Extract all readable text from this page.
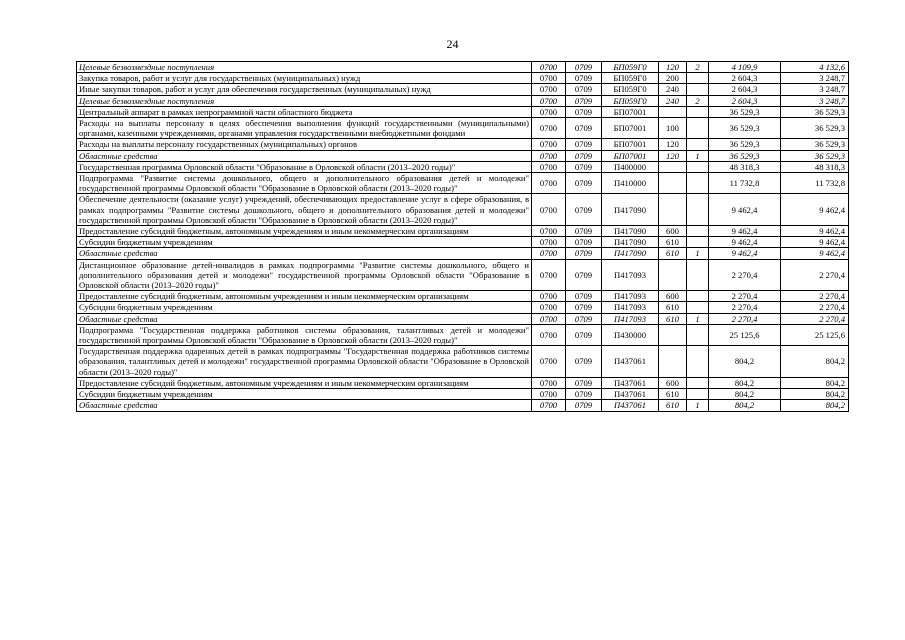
24
Целевые безвозмездные поступления	0700	0709	БП059Г0	120	2	4 109,9	4 132,6
Закупка товаров, работ и услуг для государственных (муниципальных) нужд	0700	0709	БП059Г0	200		2 604,3	3 248,7
Иные закупки товаров, работ и услуг для обеспечения государственных (муниципальных) нужд	0700	0709	БП059Г0	240		2 604,3	3 248,7
Целевые безвозмездные поступления	0700	0709	БП059Г0	240	2	2 604,3	3 248,7
Центральный аппарат в рамках непрограммной части областного бюджета	0700	0709	БП07001			36 529,3	36 529,3
Расходы на выплаты персоналу в целях обеспечения выполнения функций государственными (муниципальными) органами, казенными учреждениями, органами управления государственными внебюджетными фондами	0700	0709	БП07001	100		36 529,3	36 529,3
Расходы на выплаты персоналу государственных (муниципальных) органов	0700	0709	БП07001	120		36 529,3	36 529,3
Областные средства	0700	0709	БП07001	120	1	36 529,3	36 529,3
Государственная программа Орловской области "Образование в Орловской области (2013–2020 годы)"	0700	0709	П400000			48 318,3	48 318,3
Подпрограмма "Развитие системы дошкольного, общего и дополнительного образования детей и молодежи" государственной программы Орловской области "Образование в Орловской области (2013–2020 годы)"	0700	0709	П410000			11 732,8	11 732,8
Обеспечение деятельности (оказание услуг) учреждений, обеспечивающих предоставление услуг в сфере образования, в рамках подпрограммы "Развитие системы дошкольного, общего и дополнительного образования детей и молодежи" государственной программы Орловской области "Образование в Орловской области (2013–2020 годы)"	0700	0709	П417090			9 462,4	9 462,4
Предоставление субсидий бюджетным, автономным учреждениям и иным некоммерческим организациям	0700	0709	П417090	600		9 462,4	9 462,4
Субсидии бюджетным учреждениям	0700	0709	П417090	610		9 462,4	9 462,4
Областные средства	0700	0709	П417090	610	1	9 462,4	9 462,4
Дистанционное образование детей-инвалидов в рамках подпрограммы "Развитие системы дошкольного, общего и дополнительного образования детей и молодежи" государственной программы Орловской области "Образование в Орловской области (2013–2020 годы)"	0700	0709	П417093			2 270,4	2 270,4
Предоставление субсидий бюджетным, автономным учреждениям и иным некоммерческим организациям	0700	0709	П417093	600		2 270,4	2 270,4
Субсидии бюджетным учреждениям	0700	0709	П417093	610		2 270,4	2 270,4
Областные средства	0700	0709	П417093	610	1	2 270,4	2 270,4
Подпрограмма "Государственная поддержка работников системы образования, талантливых детей и молодежи" государственной программы Орловской области "Образование в Орловской области (2013–2020 годы)"	0700	0709	П430000			25 125,6	25 125,6
Государственная поддержка одаренных детей в рамках подпрограммы "Государственная поддержка работников системы образования, талантливых детей и молодежи" государственной программы Орловской области "Образование в Орловской области (2013–2020 годы)"	0700	0709	П437061			804,2	804,2
Предоставление субсидий бюджетным, автономным учреждениям и иным некоммерческим организациям	0700	0709	П437061	600		804,2	804,2
Субсидии бюджетным учреждениям	0700	0709	П437061	610		804,2	804,2
Областные средства	0700	0709	П437061	610	1	804,2	804,2
